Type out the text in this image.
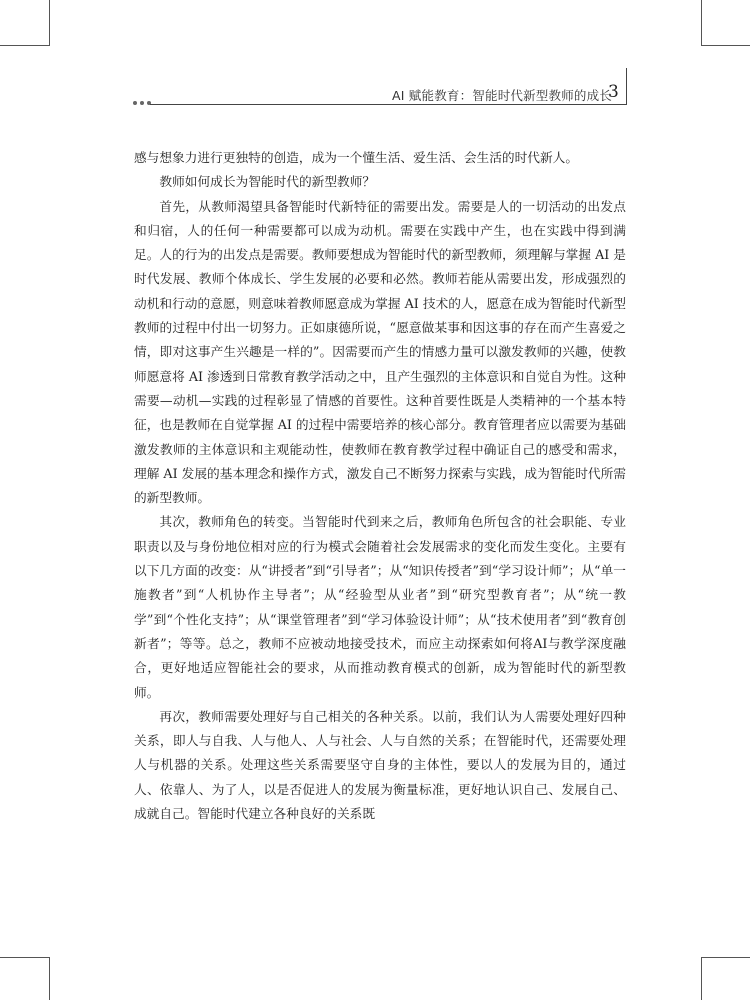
AI 赋能教育：智能时代新型教师的成长
3

感与想象力进行更独特的创造，成为一个懂生活、爱生活、会生活的时代新人。

教师如何成长为智能时代的新型教师？

首先，从教师渴望具备智能时代新特征的需要出发。需要是人的一切活动的出发点和归宿，人的任何一种需要都可以成为动机。需要在实践中产生，也在实践中得到满足。人的行为的出发点是需要。教师要想成为智能时代的新型教师，须理解与掌握 AI 是时代发展、教师个体成长、学生发展的必要和必然。教师若能从需要出发，形成强烈的动机和行动的意愿，则意味着教师愿意成为掌握 AI 技术的人，愿意在成为智能时代新型教师的过程中付出一切努力。正如康德所说，“愿意做某事和因这事的存在而产生喜爱之情，即对这事产生兴趣是一样的”。因需要而产生的情感力量可以激发教师的兴趣，使教师愿意将 AI 渗透到日常教育教学活动之中，且产生强烈的主体意识和自觉自为性。这种需要—动机—实践的过程彰显了情感的首要性。这种首要性既是人类精神的一个基本特征，也是教师在自觉掌握 AI 的过程中需要培养的核心部分。教育管理者应以需要为基础激发教师的主体意识和主观能动性，使教师在教育教学过程中确证自己的感受和需求，理解 AI 发展的基本理念和操作方式，激发自己不断努力探索与实践，成为智能时代所需的新型教师。

其次，教师角色的转变。当智能时代到来之后，教师角色所包含的社会职能、专业职责以及与身份地位相对应的行为模式会随着社会发展需求的变化而发生变化。主要有以下几方面的改变：从“讲授者”到“引导者”；从“知识传授者”到“学习设计师”；从“单一施教者”到“人机协作主导者”；从“经验型从业者”到“研究型教育者”；从“统一教学”到“个性化支持”；从“课堂管理者”到“学习体验设计师”；从“技术使用者”到“教育创新者”；等等。总之，教师不应被动地接受技术，而应主动探索如何将AI与教学深度融合，更好地适应智能社会的要求，从而推动教育模式的创新，成为智能时代的新型教师。

再次，教师需要处理好与自己相关的各种关系。以前，我们认为人需要处理好四种关系，即人与自我、人与他人、人与社会、人与自然的关系；在智能时代，还需要处理人与机器的关系。处理这些关系需要坚守自身的主体性，要以人的发展为目的，通过人、依靠人、为了人，以是否促进人的发展为衡量标准，更好地认识自己、发展自己、成就自己。智能时代建立各种良好的关系既
